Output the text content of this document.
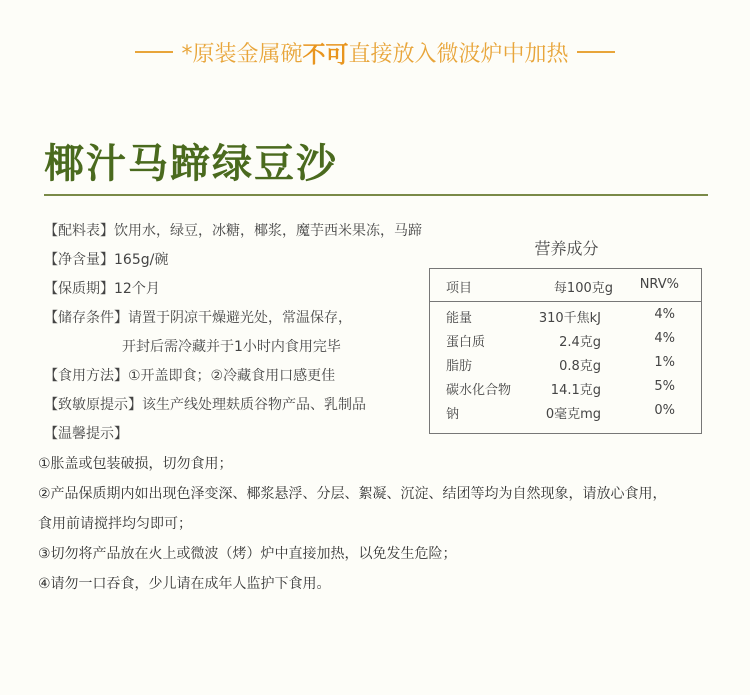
*原装金属碗 不可 直接放入微波炉中加热
椰汁马蹄绿豆沙
【配料表】饮用水，绿豆，冰糖，椰浆，魔芋西米果冻，马蹄
【净含量】165g/碗
【保质期】12个月
【储存条件】请置于阴凉干燥避光处，常温保存，
开封后需冷藏并于1小时内食用完毕
【食用方法】①开盖即食；②冷藏食用口感更佳
【致敏原提示】该生产线处理麸质谷物产品、乳制品
【温馨提示】
①胀盖或包装破损，切勿食用；
②产品保质期内如出现色泽变深、椰浆悬浮、分层、絮凝、沉淀、结团等均为自然现象，请放心食用，
食用前请搅拌均匀即可；
③切勿将产品放在火上或微波（烤）炉中直接加热，以免发生危险；
④请勿一口吞食，少儿请在成年人监护下食用。
营养成分
项目	每100克g NRV%
能量	310千焦kJ	4%
蛋白质	2.4克g	4%
脂肪	0.8克g	1%
碳水化合物	14.1克g	5%
钠	0毫克mg	0%
